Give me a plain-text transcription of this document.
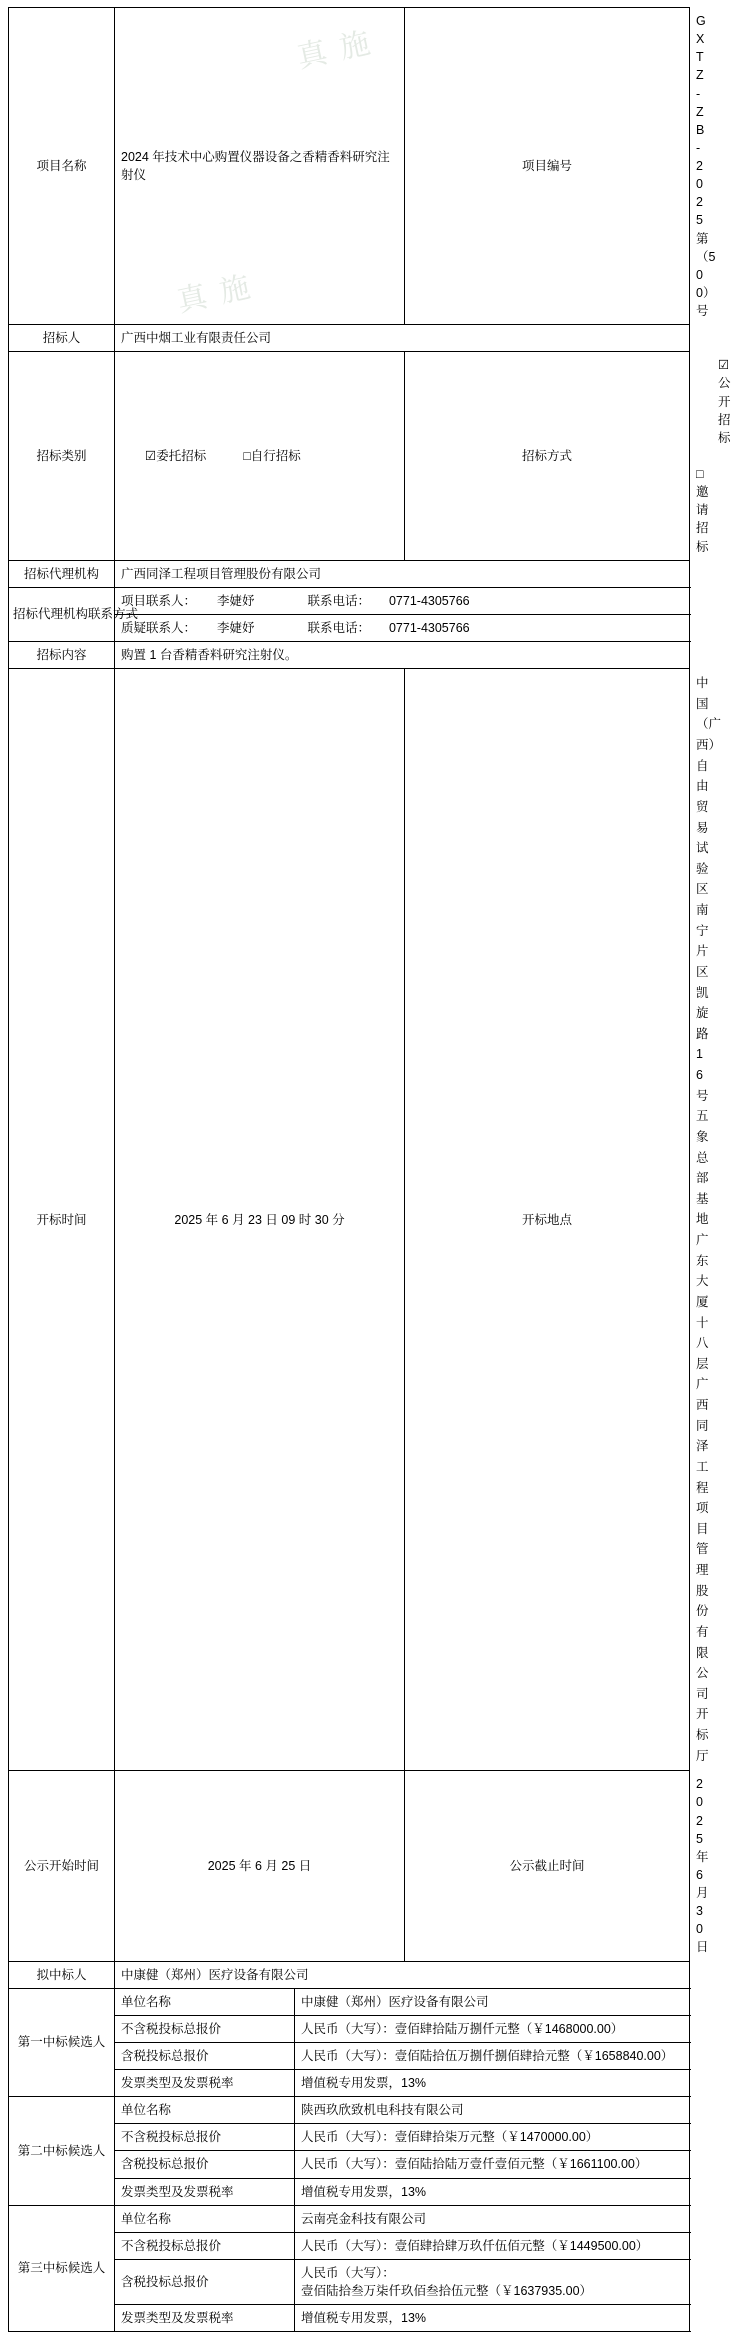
真 施
真 施
项目名称	2024 年技术中心购置仪器设备之香精香料研究注射仪		项目编号	GXTZ-ZB-2025 第（500）号
招标人	广西中烟工业有限责任公司			
招标类别	☑委托招标 □自行招标		招标方式	☑公开招标  □邀请招标
招标代理机构	广西同泽工程项目管理股份有限公司			

招标代理机构联系方式	项目联系人： 李婕妤 联系电话： 0771-4305766			
	质疑联系人： 李婕妤 联系电话： 0771-4305766			
招标内容	购置 1 台香精香料研究注射仪。			
开标时间	2025 年 6 月 23 日 09 时 30 分		开标地点	中国（广西）自由贸易试验区南宁片区凯旋路 16 号五象总部基地广东大厦十八层广西同泽工程项目管理股份有限公司开标厅
公示开始时间	2025 年 6 月 25 日		公示截止时间	2025 年 6 月 30 日
拟中标人	中康健（郑州）医疗设备有限公司			
第一中标候选人	单位名称	中康健（郑州）医疗设备有限公司		
	不含税投标总报价	人民币（大写）：壹佰肆拾陆万捌仟元整（￥1468000.00）		
	含税投标总报价	人民币（大写）：壹佰陆拾伍万捌仟捌佰肆拾元整（￥1658840.00）		
	发票类型及发票税率	增值税专用发票，13%		
第二中标候选人	单位名称	陕西玖欣致机电科技有限公司		
	不含税投标总报价	人民币（大写）：壹佰肆拾柒万元整（￥1470000.00）		
	含税投标总报价	人民币（大写）：壹佰陆拾陆万壹仟壹佰元整（￥1661100.00）		
	发票类型及发票税率	增值税专用发票，13%		
第三中标候选人	单位名称	云南亮金科技有限公司		
	不含税投标总报价	人民币（大写）：壹佰肆拾肆万玖仟伍佰元整（￥1449500.00）		
	含税投标总报价	人民币（大写）：壹佰陆拾叁万柒仟玖佰叁拾伍元整（￥1637935.00）		
	发票类型及发票税率	增值税专用发票，13%		
